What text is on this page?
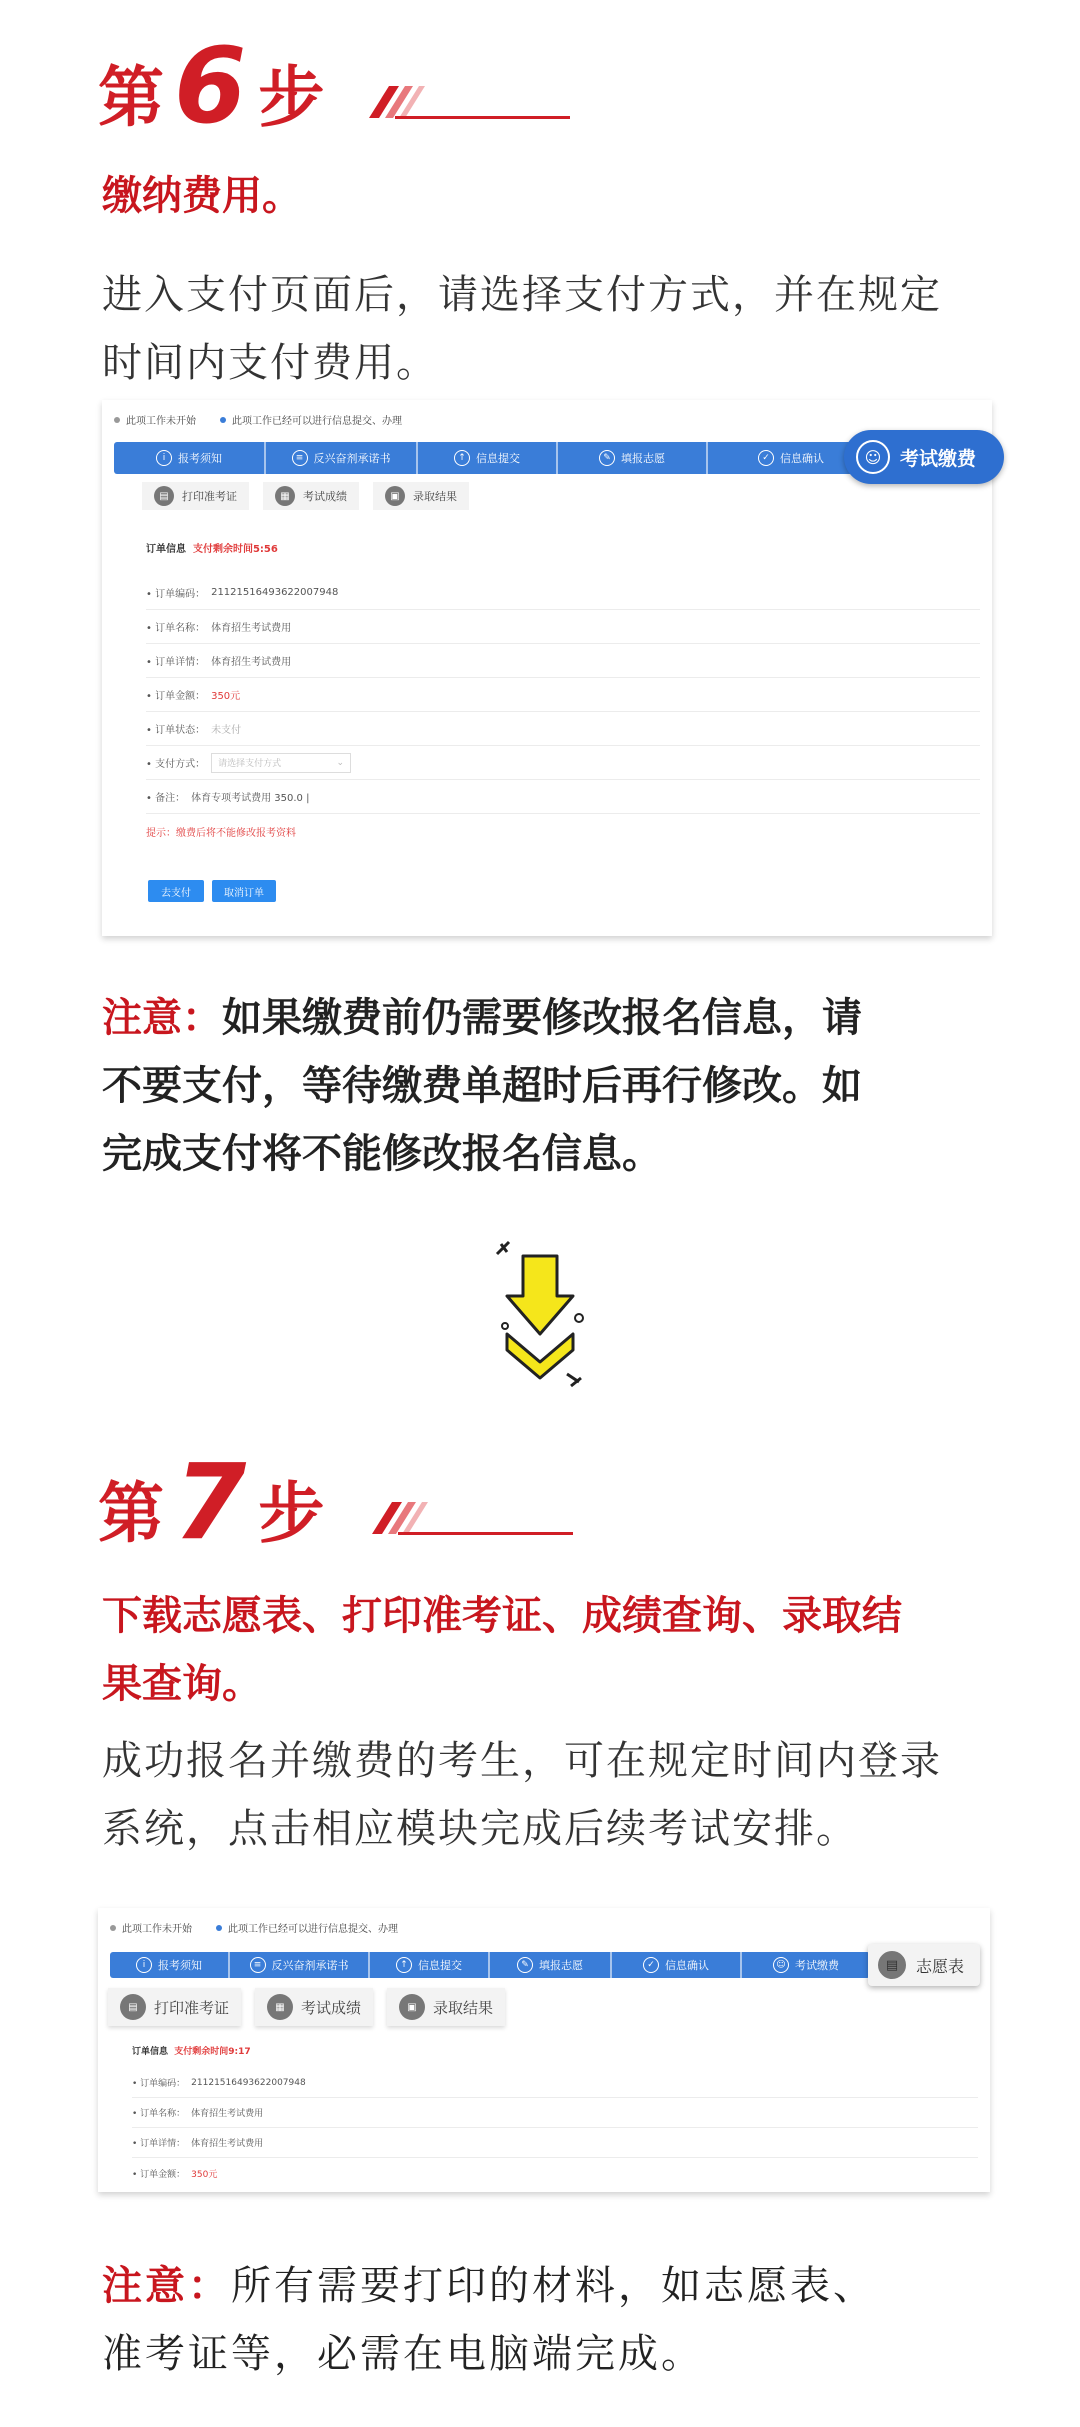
第 6 步
缴纳费用。
进入支付页面后，请选择支付方式，并在规定
时间内支付费用。
此项工作未开始	此项工作已经可以进行信息提交、办理
i	报考须知	≡ 反兴奋剂承诺书	↑ 信息提交	✎ 填报志愿	✓ 信息确认	☺ 考试缴费
▤	打印准考证	▦	考试成绩	▣	录取结果
订单信息 支付剩余时间5:56
• 订单编码： 21121516493622007948
• 订单名称： 体育招生考试费用
• 订单详情： 体育招生考试费用
• 订单金额： 350元
• 订单状态： 未支付
• 支付方式： 请选择支付方式	⌄
• 备注： 体育专项考试费用 350.0 |
提示：缴费后将不能修改报考资料
去支付	取消订单
注意：如果缴费前仍需要修改报名信息，请
不要支付，等待缴费单超时后再行修改。如
完成支付将不能修改报名信息。
第 7 步
下载志愿表、打印准考证、成绩查询、录取结
果查询。
成功报名并缴费的考生，可在规定时间内登录
系统，点击相应模块完成后续考试安排。
此项工作未开始	此项工作已经可以进行信息提交、办理
i	报考须知	≡ 反兴奋剂承诺书	↑ 信息提交	✎ 填报志愿	✓ 信息确认	☺ 考试缴费	▤	志愿表
▤	打印准考证	▦	考试成绩	▣	录取结果
订单信息 支付剩余时间9:17
• 订单编码： 21121516493622007948
• 订单名称： 体育招生考试费用
• 订单详情： 体育招生考试费用
• 订单金额： 350元
注意：所有需要打印的材料，如志愿表、
准考证等，必需在电脑端完成。
